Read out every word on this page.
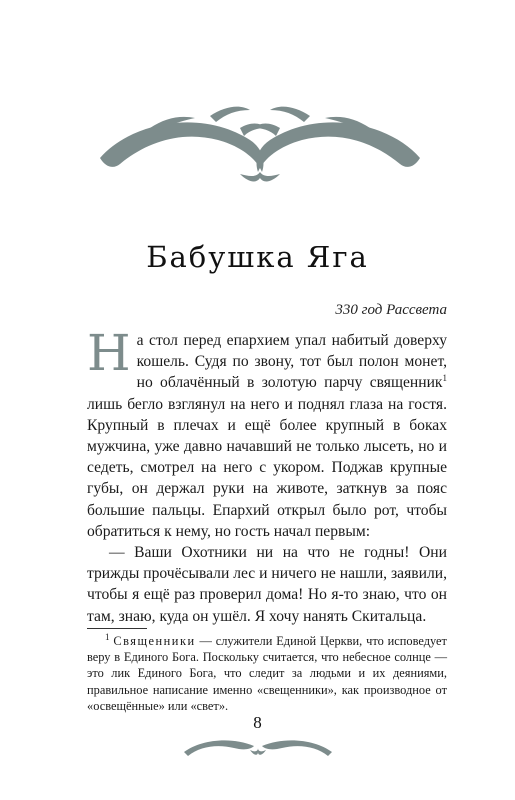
Бабушка Яга
330 год Рассвета

На стол перед епархием упал набитый доверху кошель. Судя по звону, тот был полон монет, но облачённый в золотую парчу священник$^1$ лишь бегло взглянул на него и поднял глаза на гостя. Крупный в плечах и ещё более крупный в боках мужчина, уже давно начавший не только лысеть, но и седеть, смотрел на него с укором. Поджав крупные губы, он держал руки на животе, заткнув за пояс большие пальцы. Епархий открыл было рот, чтобы обратиться к нему, но гость начал первым:

— Ваши Охотники ни на что не годны! Они трижды прочёсывали лес и ничего не нашли, заявили, чтобы я ещё раз проверил дома! Но я-то знаю, что он там, знаю, куда он ушёл. Я хочу нанять Скитальца.

$^1$ Священники — служители Единой Церкви, что исповедует веру в Единого Бога. Поскольку считается, что небесное солнце — это лик Единого Бога, что следит за людьми и их деяниями, правильное написание именно «свещенники», как производное от «освещённые» или «свет».
8
